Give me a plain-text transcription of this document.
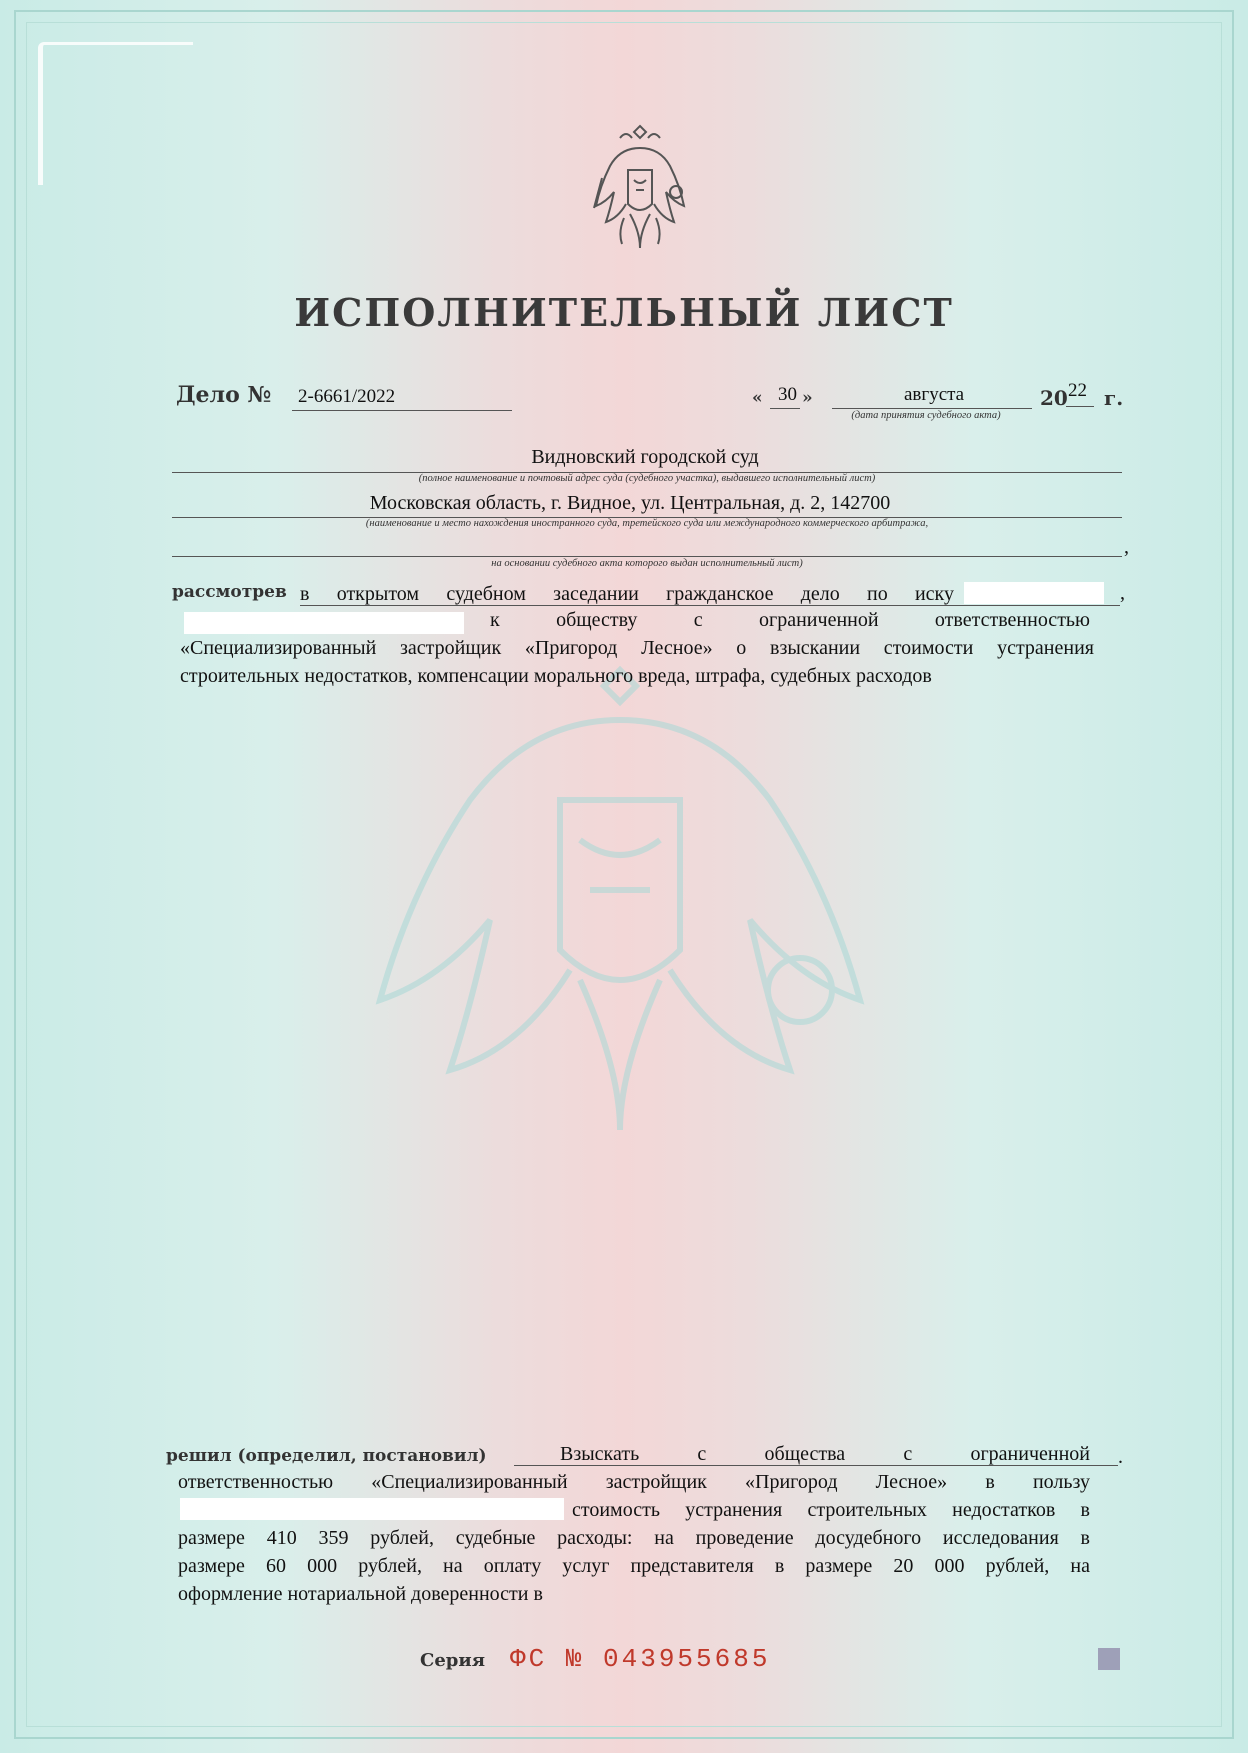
ИСПОЛНИТЕЛЬНЫЙ ЛИСТ
Дело № 2-6661/2022	« 30 »	августа	20 22 г.
(дата принятия судебного акта)
Видновский городской суд
(полное наименование и почтовый адрес суда (судебного участка), выдавшего исполнительный лист)
Московская область, г. Видное, ул. Центральная, д. 2, 142700
(наименование и место нахождения иностранного суда, третейского суда или международного коммерческого арбитража,
,
на основании судебного акта которого выдан исполнительный лист)
рассмотрев в открытом судебном заседании гражданское дело по иску	,
к обществу с ограниченной ответственностью
«Специализированный застройщик «Пригород Лесное» о взыскании стоимости устранения
строительных недостатков, компенсации морального вреда, штрафа, судебных расходов
решил (определил, постановил)	Взыскать с общества с ограниченной .
ответственностью «Специализированный застройщик «Пригород Лесное» в пользу
стоимость устранения строительных недостатков в
размере 410 359 рублей, судебные расходы: на проведение досудебного исследования в
размере 60 000 рублей, на оплату услуг представителя в размере 20 000 рублей, на
оформление нотариальной доверенности в
Серия ФС № 043955685
